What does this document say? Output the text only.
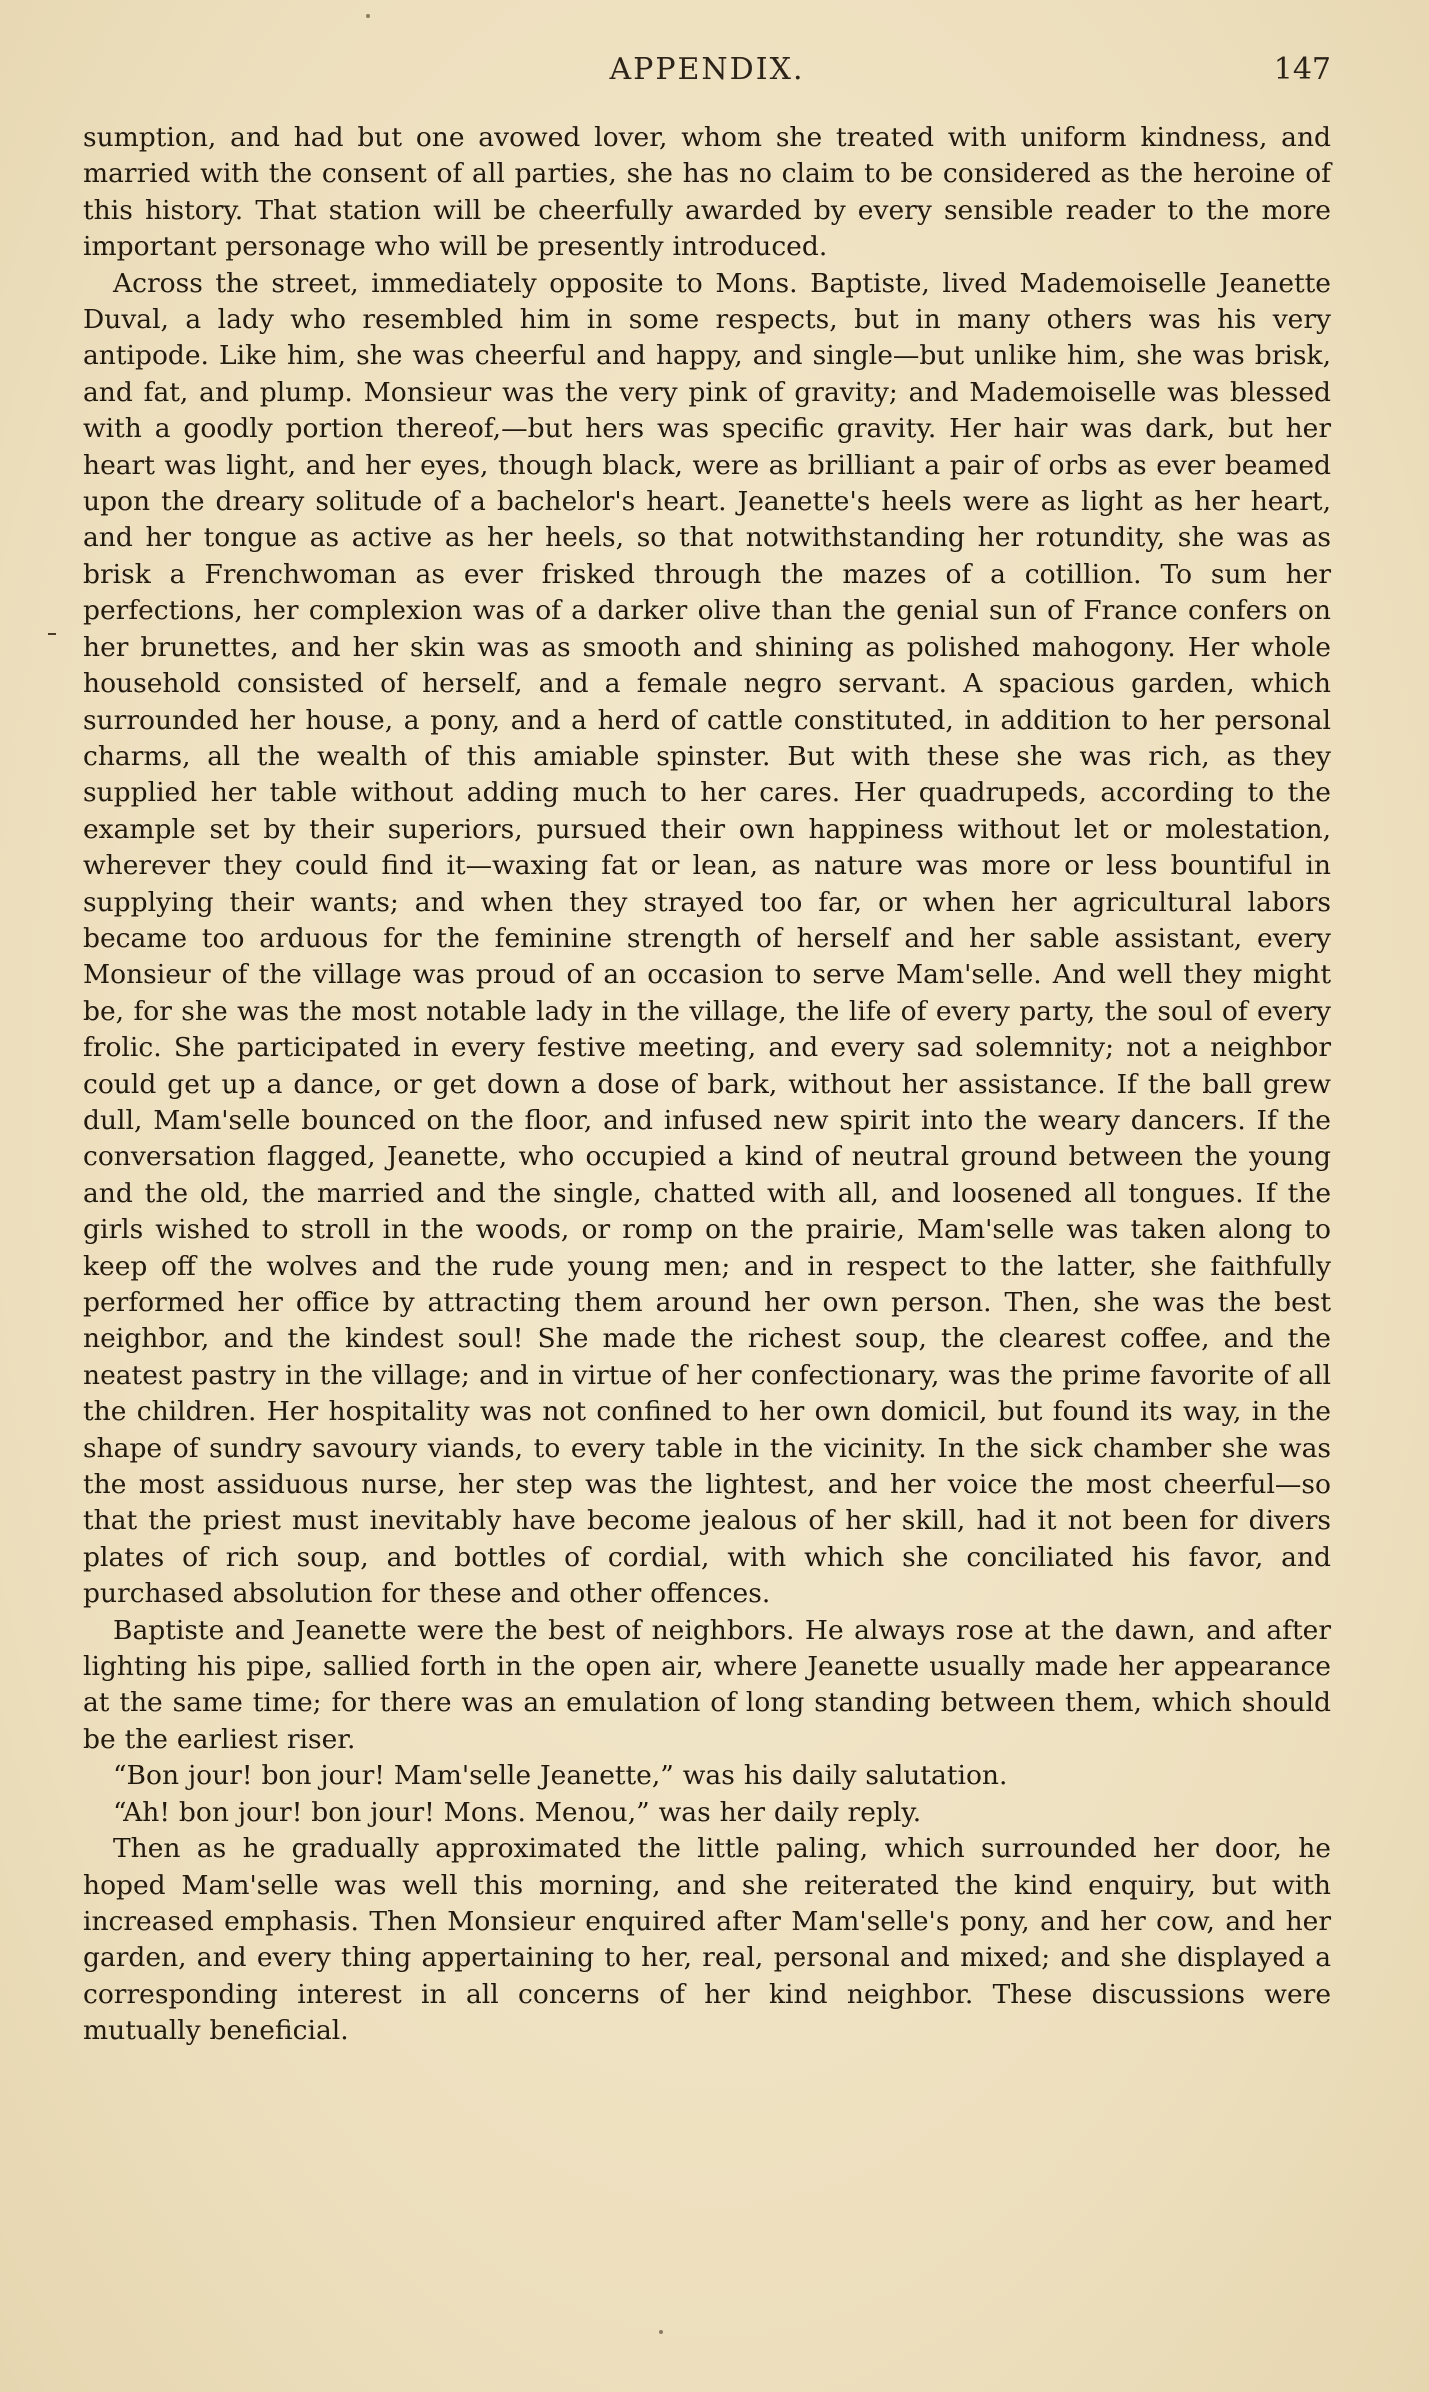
APPENDIX.	147

sumption, and had but one avowed lover, whom she treated with uniform kindness, and married with the consent of all parties, she has no claim to be considered as the heroine of this history. That station will be cheerfully awarded by every sensible reader to the more important personage who will be presently introduced.

Across the street, immediately opposite to Mons. Baptiste, lived Mademoiselle Jeanette Duval, a lady who resembled him in some respects, but in many others was his very antipode. Like him, she was cheerful and happy, and single—but unlike him, she was brisk, and fat, and plump. Monsieur was the very pink of gravity; and Mademoiselle was blessed with a goodly portion thereof,—but hers was specific gravity. Her hair was dark, but her heart was light, and her eyes, though black, were as brilliant a pair of orbs as ever beamed upon the dreary solitude of a bachelor's heart. Jeanette's heels were as light as her heart, and her tongue as active as her heels, so that notwithstanding her rotundity, she was as brisk a Frenchwoman as ever frisked through the mazes of a cotillion. To sum her perfections, her complexion was of a darker olive than the genial sun of France confers on her brunettes, and her skin was as smooth and shining as polished mahogony. Her whole household consisted of herself, and a female negro servant. A spacious garden, which surrounded her house, a pony, and a herd of cattle constituted, in addition to her personal charms, all the wealth of this amiable spinster. But with these she was rich, as they supplied her table without adding much to her cares. Her quadrupeds, according to the example set by their superiors, pursued their own happiness without let or molestation, wherever they could find it—waxing fat or lean, as nature was more or less bountiful in supplying their wants; and when they strayed too far, or when her agricultural labors became too arduous for the feminine strength of herself and her sable assistant, every Monsieur of the village was proud of an occasion to serve Mam'selle. And well they might be, for she was the most notable lady in the village, the life of every party, the soul of every frolic. She participated in every festive meeting, and every sad solemnity; not a neighbor could get up a dance, or get down a dose of bark, without her assistance. If the ball grew dull, Mam'selle bounced on the floor, and infused new spirit into the weary dancers. If the conversation flagged, Jeanette, who occupied a kind of neutral ground between the young and the old, the married and the single, chatted with all, and loosened all tongues. If the girls wished to stroll in the woods, or romp on the prairie, Mam'selle was taken along to keep off the wolves and the rude young men; and in respect to the latter, she faithfully performed her office by attracting them around her own person. Then, she was the best neighbor, and the kindest soul! She made the richest soup, the clearest coffee, and the neatest pastry in the village; and in virtue of her confectionary, was the prime favorite of all the children. Her hospitality was not confined to her own domicil, but found its way, in the shape of sundry savoury viands, to every table in the vicinity. In the sick chamber she was the most assiduous nurse, her step was the lightest, and her voice the most cheerful—so that the priest must inevitably have become jealous of her skill, had it not been for divers plates of rich soup, and bottles of cordial, with which she conciliated his favor, and purchased absolution for these and other offences.

Baptiste and Jeanette were the best of neighbors. He always rose at the dawn, and after lighting his pipe, sallied forth in the open air, where Jeanette usually made her appearance at the same time; for there was an emulation of long standing between them, which should be the earliest riser.

“Bon jour! bon jour! Mam'selle Jeanette,” was his daily salutation.

“Ah! bon jour! bon jour! Mons. Menou,” was her daily reply.

Then as he gradually approximated the little paling, which surrounded her door, he hoped Mam'selle was well this morning, and she reiterated the kind enquiry, but with increased emphasis. Then Monsieur enquired after Mam'selle's pony, and her cow, and her garden, and every thing appertaining to her, real, personal and mixed; and she displayed a corresponding interest in all concerns of her kind neighbor. These discussions were mutually beneficial.
